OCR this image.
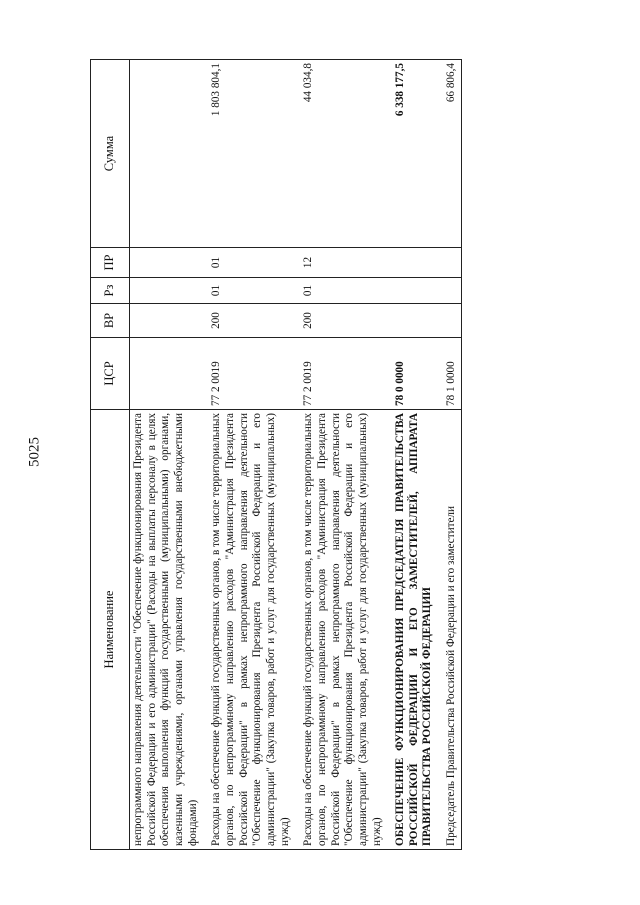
5025
Наименование	ЦСР	ВР	Рз	ПР	Сумма
непрограммного направления деятельности "Обеспечение функционирования Президента Российской Федерации и его администрации" (Расходы на выплаты персоналу в целях обеспечения выполнения функций государственными (муниципальными) органами, казенными учреждениями, органами управления государственными внебюджетными фондами)					
Расходы на обеспечение функций государственных органов, в том числе территориальных органов, по непрограммному направлению расходов "Администрация Президента Российской Федерации" в рамках непрограммного направления деятельности "Обеспечение функционирования Президента Российской Федерации и его администрации" (Закупка товаров, работ и услуг для государственных (муниципальных) нужд)	77 2 0019	200	01	01	1 803 804,1
Расходы на обеспечение функций государственных органов, в том числе территориальных органов, по непрограммному направлению расходов "Администрация Президента Российской Федерации" в рамках непрограммного направления деятельности "Обеспечение функционирования Президента Российской Федерации и его администрации" (Закупка товаров, работ и услуг для государственных (муниципальных) нужд)	77 2 0019	200	01	12	44 034,8
ОБЕСПЕЧЕНИЕ ФУНКЦИОНИРОВАНИЯ ПРЕДСЕДАТЕЛЯ ПРАВИТЕЛЬСТВА РОССИЙСКОЙ ФЕДЕРАЦИИ И ЕГО ЗАМЕСТИТЕЛЕЙ, АППАРАТА ПРАВИТЕЛЬСТВА РОССИЙСКОЙ ФЕДЕРАЦИИ	78 0 0000				6 338 177,5
Председатель Правительства Российской Федерации и его заместители	78 1 0000				66 806,4
